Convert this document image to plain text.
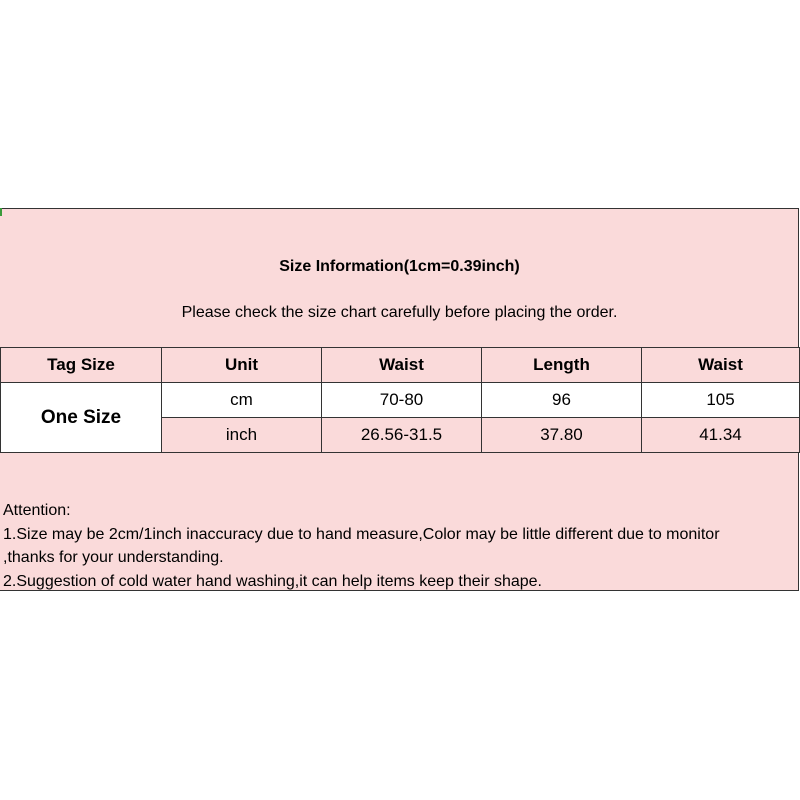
Size Information(1cm=0.39inch)
Please check the size chart carefully before placing the order.
Tag Size	Unit	Waist	Length	Waist
One Size	cm	70-80	96	105
	inch	26.56-31.5	37.80	41.34
Attention:
1.Size may be 2cm/1inch inaccuracy due to hand measure,Color may be little different due to monitor
,thanks for your understanding.
2.Suggestion of cold water hand washing,it can help items keep their shape.
